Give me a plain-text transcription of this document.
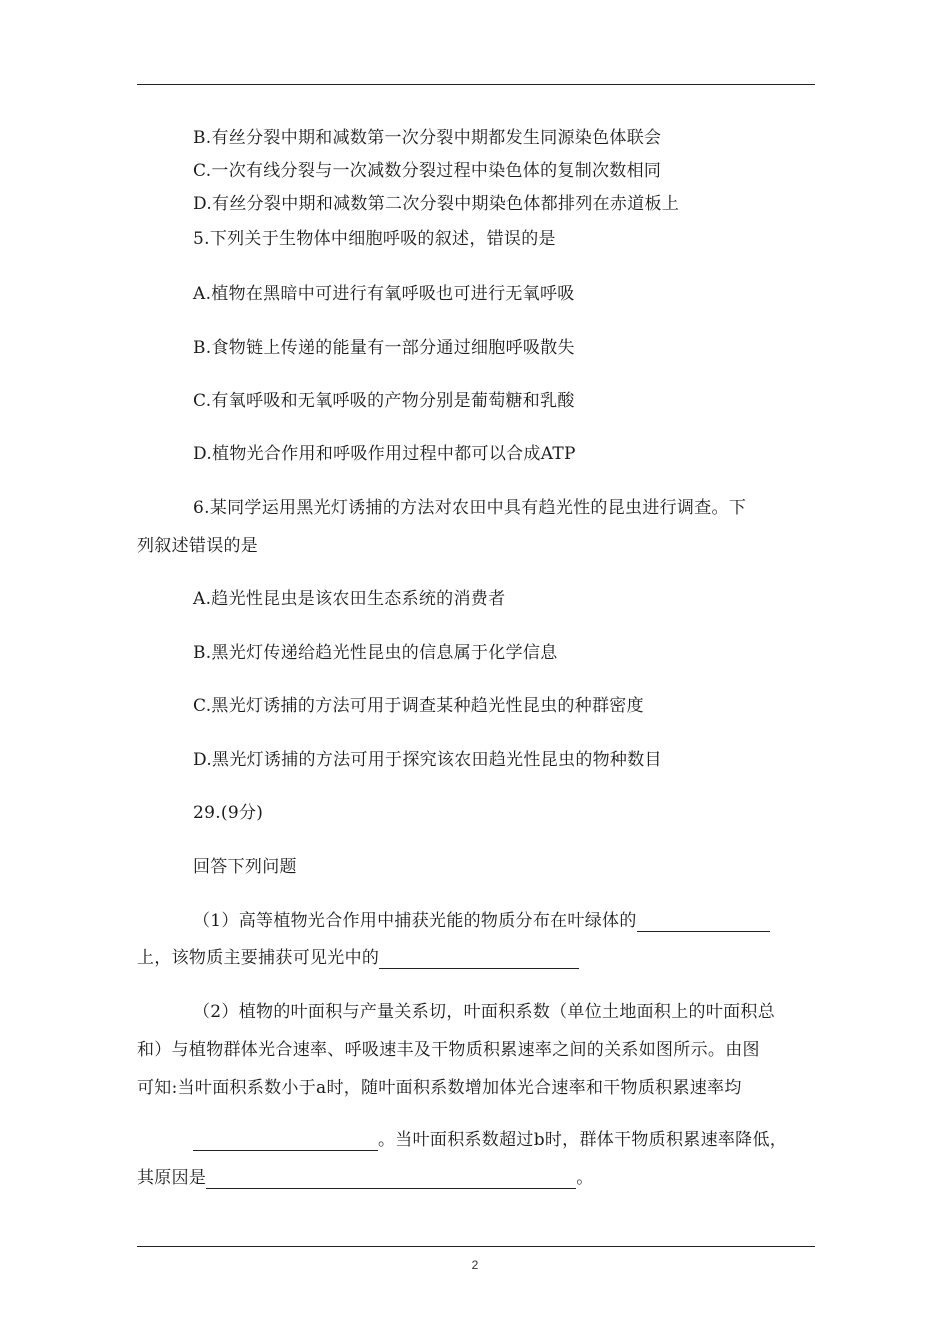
B.有丝分裂中期和减数第一次分裂中期都发生同源染色体联会
C.一次有线分裂与一次减数分裂过程中染色体的复制次数相同
D.有丝分裂中期和减数第二次分裂中期染色体都排列在赤道板上
5.下列关于生物体中细胞呼吸的叙述，错误的是
A.植物在黑暗中可进行有氧呼吸也可进行无氧呼吸
B.食物链上传递的能量有一部分通过细胞呼吸散失
C.有氧呼吸和无氧呼吸的产物分别是葡萄糖和乳酸
D.植物光合作用和呼吸作用过程中都可以合成ATP
6.某同学运用黑光灯诱捕的方法对农田中具有趋光性的昆虫进行调查。下
列叙述错误的是
A.趋光性昆虫是该农田生态系统的消费者
B.黑光灯传递给趋光性昆虫的信息属于化学信息
C.黑光灯诱捕的方法可用于调查某种趋光性昆虫的种群密度
D.黑光灯诱捕的方法可用于探究该农田趋光性昆虫的物种数目
29.(9分)
回答下列问题
（1）高等植物光合作用中捕获光能的物质分布在叶绿体的
上，该物质主要捕获可见光中的
（2）植物的叶面积与产量关系切，叶面积系数（单位土地面积上的叶面积总
和）与植物群体光合速率、呼吸速丰及干物质积累速率之间的关系如图所示。由图
可知:当叶面积系数小于a时，随叶面积系数增加体光合速率和干物质积累速率均
。当叶面积系数超过b时，群体干物质积累速率降低，
其原因是	。
2
